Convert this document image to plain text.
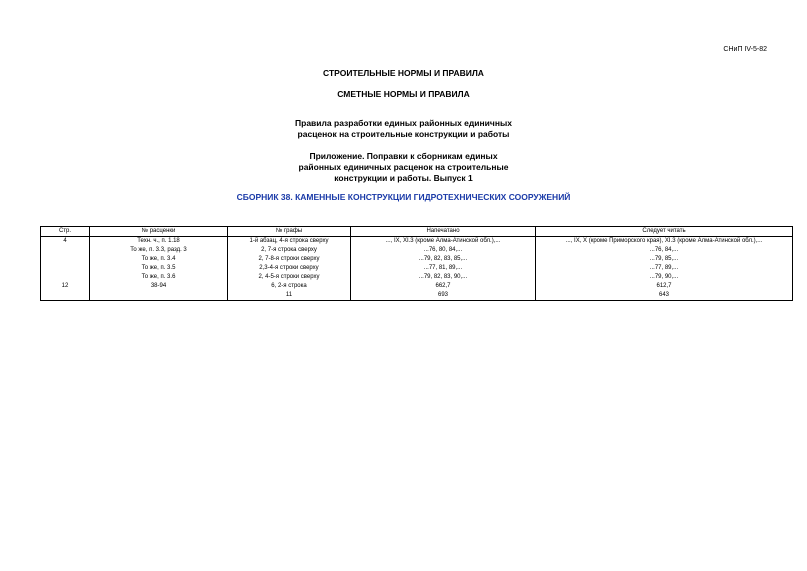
СНиП IV-5-82
СТРОИТЕЛЬНЫЕ НОРМЫ И ПРАВИЛА
СМЕТНЫЕ НОРМЫ И ПРАВИЛА
Правила разработки единых районных единичных
расценок на строительные конструкции и работы
Приложение. Поправки к сборникам единых
районных единичных расценок на строительные
конструкции и работы. Выпуск 1
СБОРНИК 38. КАМЕННЫЕ КОНСТРУКЦИИ ГИДРОТЕХНИЧЕСКИХ СООРУЖЕНИЙ
Стр.	№ расценки	№ графы	Напечатано	Следует читать
4	Техн. ч., п. 1.18	1-й абзац, 4-я строка сверху	..., IX, XI.3 (кроме Алма-Атинской обл.),...	..., IX, X (кроме Приморского края), XI.3 (кроме Алма-Атинской обл.),...
	То же, п. 3.3, разд. 3	2, 7-я строка сверху	...76, 80, 84,...	...76, 84,...
	То же, п. 3.4	2, 7-8-я строки сверху	...79, 82, 83, 85,...	...79, 85,...
	То же, п. 3.5	2,3-4-я строки сверху	...77, 81, 89,...	...77, 89,...
	То же, п. 3.6	2, 4-5-я строки сверху	...79, 82, 83, 90,...	...79, 90,...
12	38-94	6, 2-я строка	662,7	612,7
		11	693	643
